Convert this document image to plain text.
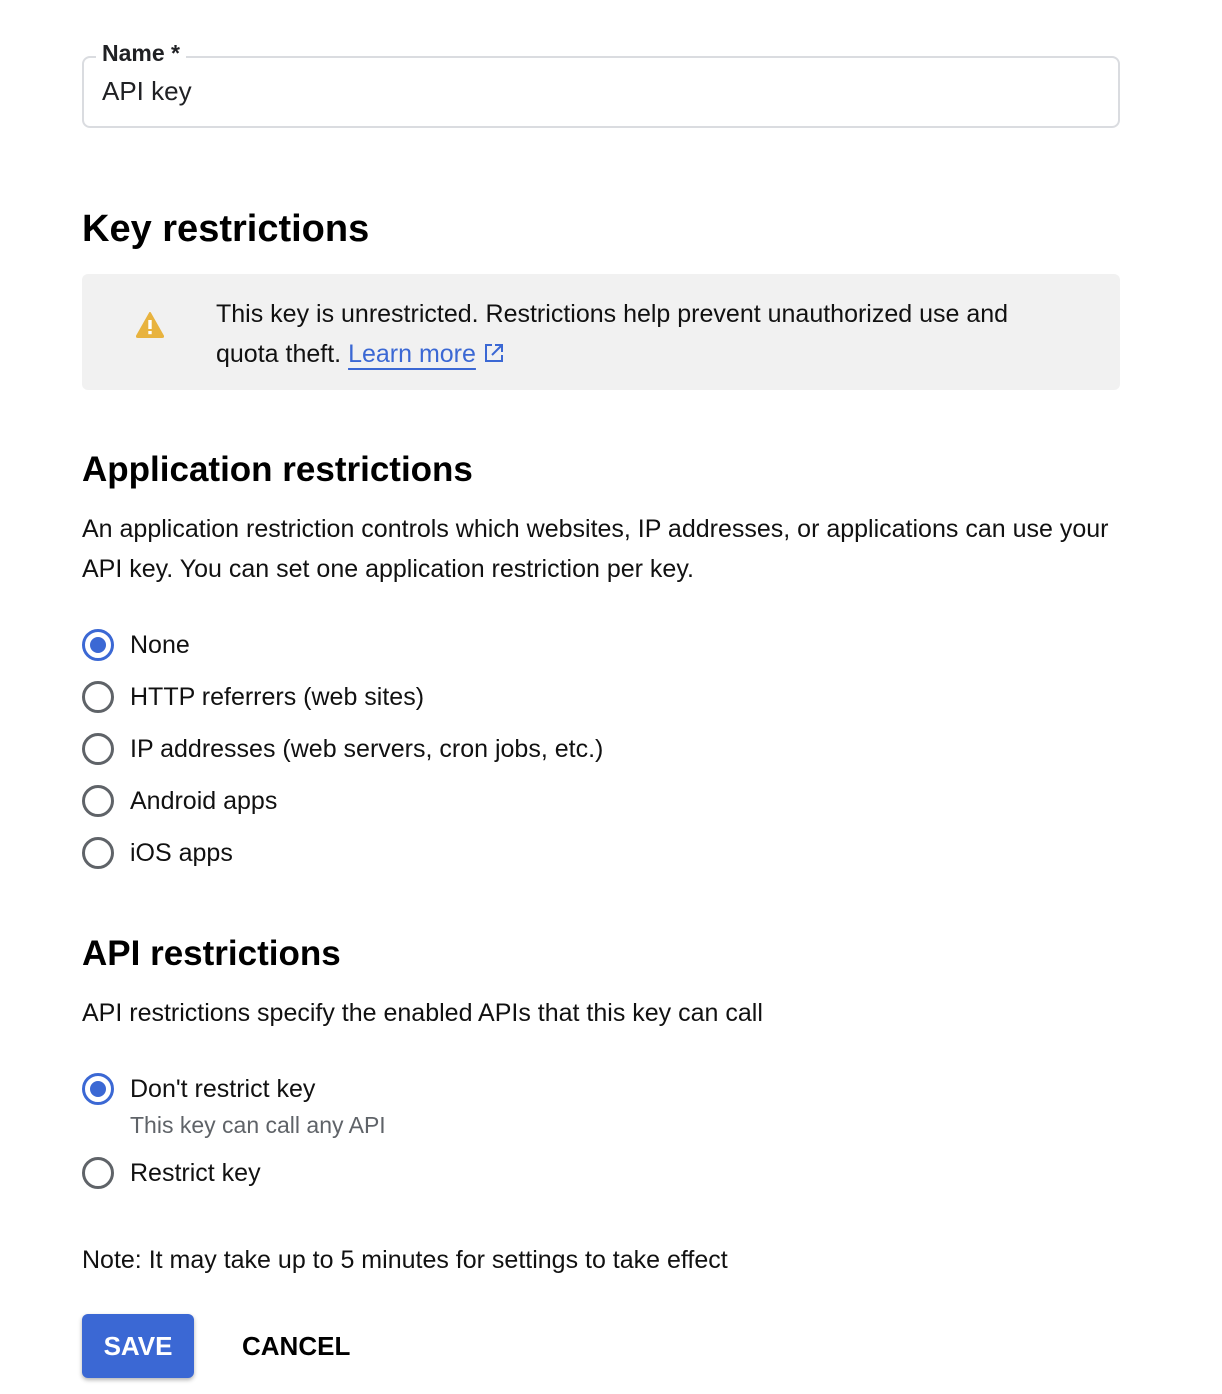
Name *
API key
Key restrictions
This key is unrestricted. Restrictions help prevent unauthorized use and quota theft. Learn more
Application restrictions
An application restriction controls which websites, IP addresses, or applications can use your API key. You can set one application restriction per key.
None
HTTP referrers (web sites)
IP addresses (web servers, cron jobs, etc.)
Android apps
iOS apps
API restrictions
API restrictions specify the enabled APIs that this key can call
Don't restrict key
This key can call any API
Restrict key
Note: It may take up to 5 minutes for settings to take effect
SAVE	CANCEL
